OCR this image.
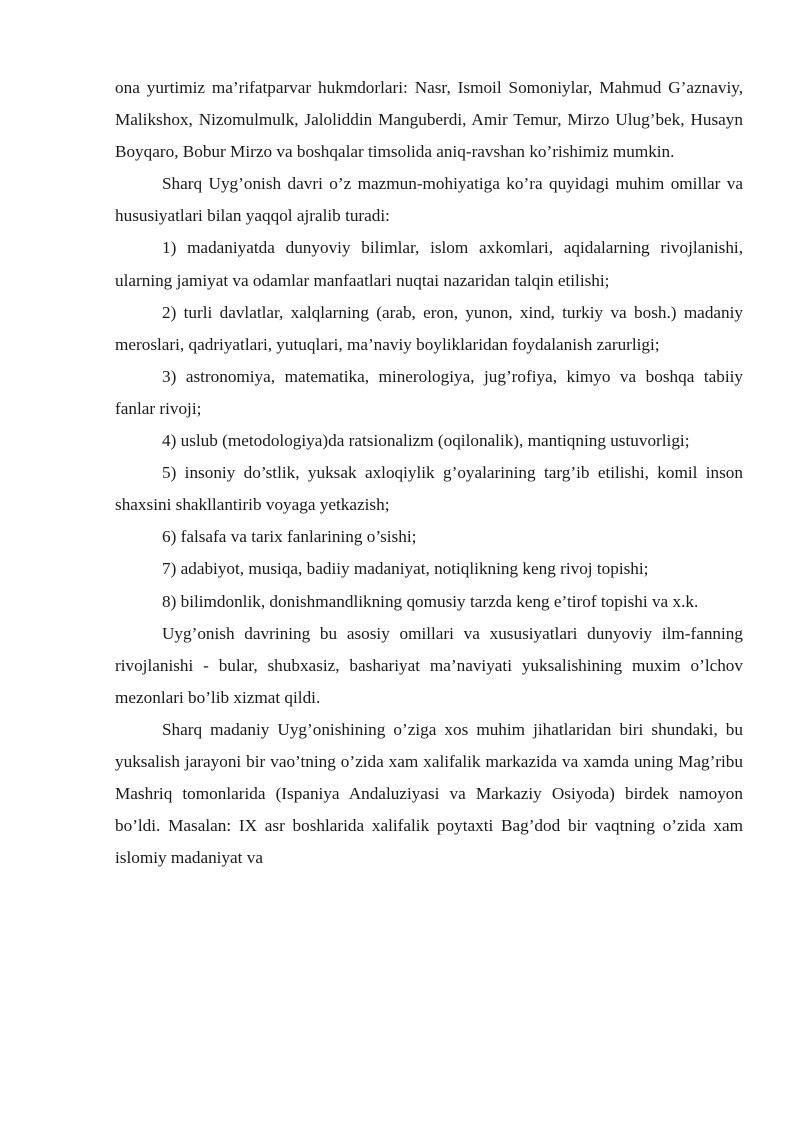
ona yurtimiz ma’rifatparvar hukmdorlari: Nasr, Ismoil Somoniylar, Mahmud G’aznaviy, Malikshox, Nizomulmulk, Jaloliddin Manguberdi, Amir Temur, Mirzo Ulug’bek, Husayn Boyqaro, Bobur Mirzo va boshqalar timsolida aniq-ravshan ko’rishimiz mumkin.

Sharq Uyg’onish davri o’z mazmun-mohiyatiga ko’ra quyidagi muhim omillar va hususiyatlari bilan yaqqol ajralib turadi:

1) madaniyatda dunyoviy bilimlar, islom axkomlari, aqidalarning rivojlanishi, ularning jamiyat va odamlar manfaatlari nuqtai nazaridan talqin etilishi;

2) turli davlatlar, xalqlarning (arab, eron, yunon, xind, turkiy va bosh.) madaniy meroslari, qadriyatlari, yutuqlari, ma’naviy boyliklaridan foydalanish zarurligi;

3) astronomiya, matematika, minerologiya, jug’rofiya, kimyo va boshqa tabiiy fanlar rivoji;

4) uslub (metodologiya)da ratsionalizm (oqilonalik), mantiqning ustuvorligi;

5) insoniy do’stlik, yuksak axloqiylik g’oyalarining targ’ib etilishi, komil inson shaxsini shakllantirib voyaga yetkazish;

6) falsafa va tarix fanlarining o’sishi;

7) adabiyot, musiqa, badiiy madaniyat, notiqlikning keng rivoj topishi;

8) bilimdonlik, donishmandlikning qomusiy tarzda keng e’tirof topishi va x.k.

Uyg’onish davrining bu asosiy omillari va xususiyatlari dunyoviy ilm-fanning rivojlanishi - bular, shubxasiz, bashariyat ma’naviyati yuksalishining muxim o’lchov mezonlari bo’lib xizmat qildi.

Sharq madaniy Uyg’onishining o’ziga xos muhim jihatlaridan biri shundaki, bu yuksalish jarayoni bir vao’tning o’zida xam xalifalik markazida va xamda uning Mag’ribu Mashriq tomonlarida (Ispaniya Andaluziyasi va Markaziy Osiyoda) birdek namoyon bo’ldi. Masalan: IX asr boshlarida xalifalik poytaxti Bag’dod bir vaqtning o’zida xam islomiy madaniyat va
